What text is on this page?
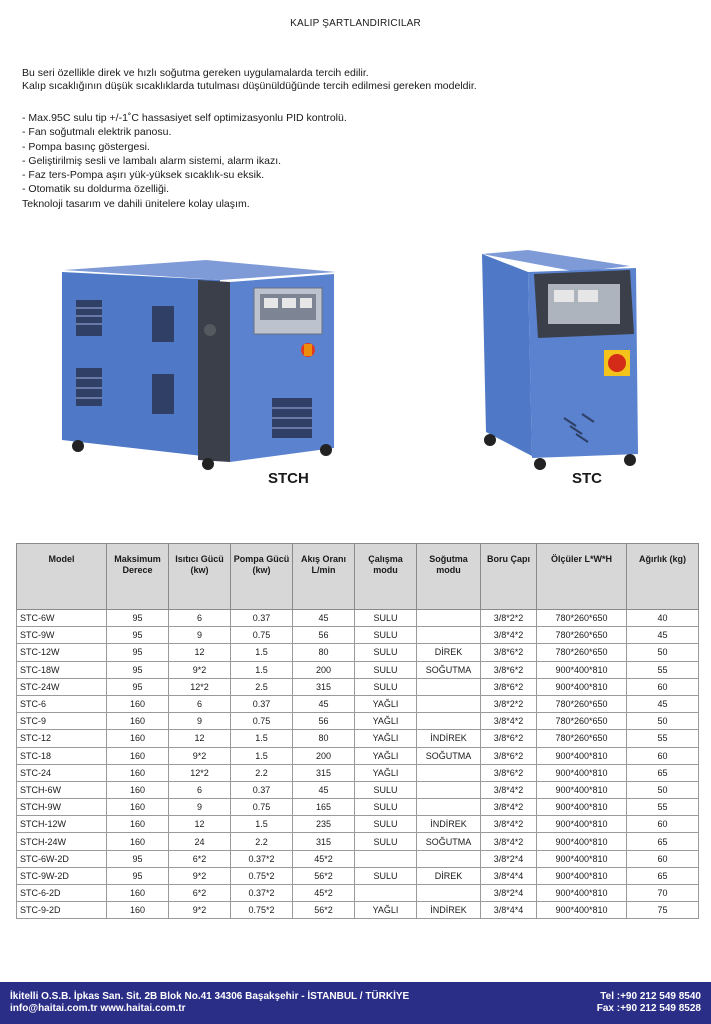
KALIP ŞARTLANDIRICILAR
Bu seri özellikle direk ve hızlı soğutma gereken uygulamalarda tercih edilir.
Kalıp sıcaklığının düşük sıcaklıklarda tutulması düşünüldüğünde tercih edilmesi gereken modeldir.
- Max.95C sulu tip +/-1˚C hassasiyet self optimizasyonlu PID kontrolü.
- Fan soğutmalı elektrik panosu.
- Pompa basınç göstergesi.
- Geliştirilmiş sesli ve lambalı alarm sistemi, alarm ikazı.
- Faz ters-Pompa aşırı yük-yüksek sıcaklık-su eksik.
- Otomatik su doldurma özelliği.
Teknoloji tasarım ve dahili ünitelere kolay ulaşım.
STCH	STC
Model	Maksimum Derece	Isıtıcı Gücü (kw)	Pompa Gücü (kw)	Akış Oranı L/min	Çalışma modu	Soğutma modu	Boru Çapı	Ölçüler L*W*H	Ağırlık (kg)
STC-6W	95	6	0.37	45	SULU		3/8*2*2	780*260*650	40
STC-9W	95	9	0.75	56	SULU		3/8*4*2	780*260*650	45
STC-12W	95	12	1.5	80	SULU	DİREK	3/8*6*2	780*260*650	50
STC-18W	95	9*2	1.5	200	SULU	SOĞUTMA	3/8*6*2	900*400*810	55
STC-24W	95	12*2	2.5	315	SULU		3/8*6*2	900*400*810	60
STC-6	160	6	0.37	45	YAĞLI		3/8*2*2	780*260*650	45
STC-9	160	9	0.75	56	YAĞLI		3/8*4*2	780*260*650	50
STC-12	160	12	1.5	80	YAĞLI	İNDİREK	3/8*6*2	780*260*650	55
STC-18	160	9*2	1.5	200	YAĞLI	SOĞUTMA	3/8*6*2	900*400*810	60
STC-24	160	12*2	2.2	315	YAĞLI		3/8*6*2	900*400*810	65
STCH-6W	160	6	0.37	45	SULU		3/8*4*2	900*400*810	50
STCH-9W	160	9	0.75	165	SULU		3/8*4*2	900*400*810	55
STCH-12W	160	12	1.5	235	SULU	İNDİREK	3/8*4*2	900*400*810	60
STCH-24W	160	24	2.2	315	SULU	SOĞUTMA	3/8*4*2	900*400*810	65
STC-6W-2D	95	6*2	0.37*2	45*2			3/8*2*4	900*400*810	60
STC-9W-2D	95	9*2	0.75*2	56*2	SULU	DİREK	3/8*4*4	900*400*810	65
STC-6-2D	160	6*2	0.37*2	45*2			3/8*2*4	900*400*810	70
STC-9-2D	160	9*2	0.75*2	56*2	YAĞLI	İNDİREK	3/8*4*4	900*400*810	75
İkitelli O.S.B. İpkas San. Sit. 2B Blok No.41 34306 Başakşehir - İSTANBUL / TÜRKİYE
info@haitai.com.tr www.haitai.com.tr
Tel :+90 212 549 8540
Fax :+90 212 549 8528
